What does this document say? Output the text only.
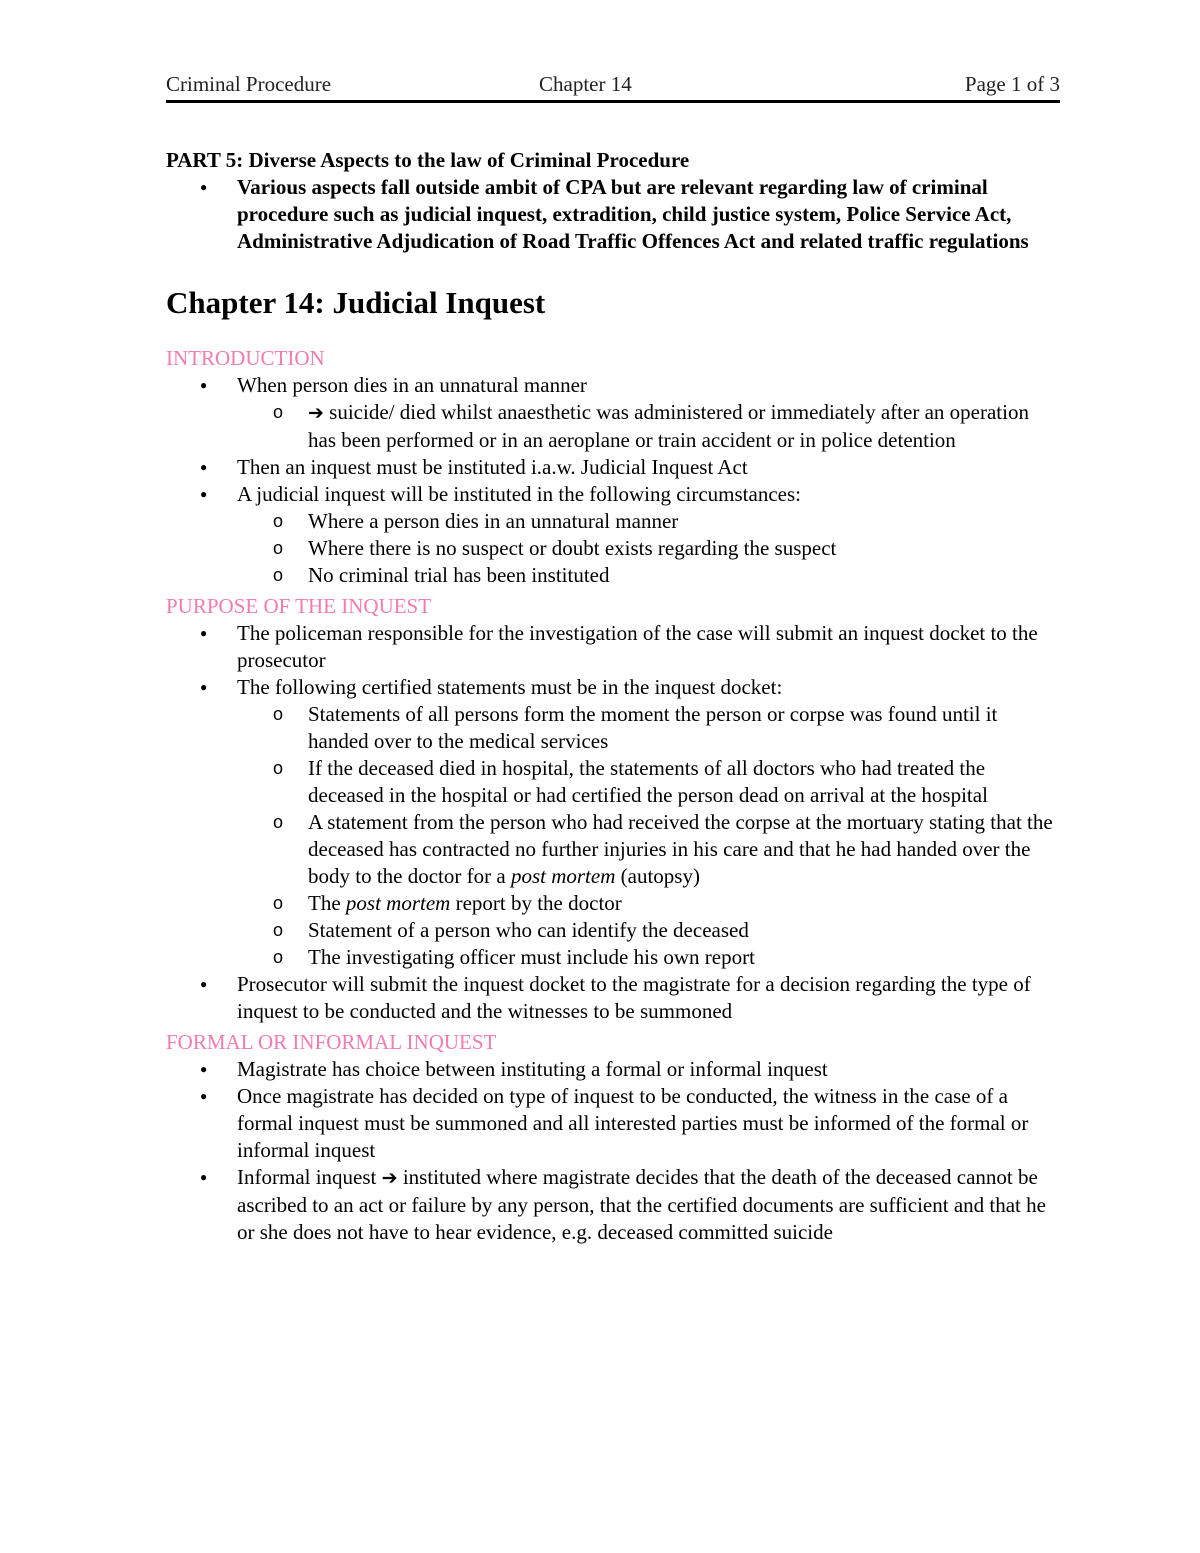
Criminal Procedure	Chapter 14	Page 1 of 3
PART 5: Diverse Aspects to the law of Criminal Procedure
● Various aspects fall outside ambit of CPA but are relevant regarding law of criminal procedure such as judicial inquest, extradition, child justice system, Police Service Act, Administrative Adjudication of Road Traffic Offences Act and related traffic regulations
Chapter 14: Judicial Inquest
INTRODUCTION
● When person dies in an unnatural manner
o ➔ suicide/ died whilst anaesthetic was administered or immediately after an operation has been performed or in an aeroplane or train accident or in police detention
● Then an inquest must be instituted i.a.w. Judicial Inquest Act
● A judicial inquest will be instituted in the following circumstances:
o Where a person dies in an unnatural manner
o Where there is no suspect or doubt exists regarding the suspect
o No criminal trial has been instituted
PURPOSE OF THE INQUEST
● The policeman responsible for the investigation of the case will submit an inquest docket to the prosecutor
● The following certified statements must be in the inquest docket:
o Statements of all persons form the moment the person or corpse was found until it handed over to the medical services
o If the deceased died in hospital, the statements of all doctors who had treated the deceased in the hospital or had certified the person dead on arrival at the hospital
o A statement from the person who had received the corpse at the mortuary stating that the deceased has contracted no further injuries in his care and that he had handed over the body to the doctor for a post mortem (autopsy)
o The post mortem report by the doctor
o Statement of a person who can identify the deceased
o The investigating officer must include his own report
● Prosecutor will submit the inquest docket to the magistrate for a decision regarding the type of inquest to be conducted and the witnesses to be summoned
FORMAL OR INFORMAL INQUEST
● Magistrate has choice between instituting a formal or informal inquest
● Once magistrate has decided on type of inquest to be conducted, the witness in the case of a formal inquest must be summoned and all interested parties must be informed of the formal or informal inquest
● Informal inquest ➔ instituted where magistrate decides that the death of the deceased cannot be ascribed to an act or failure by any person, that the certified documents are sufficient and that he or she does not have to hear evidence, e.g. deceased committed suicide
